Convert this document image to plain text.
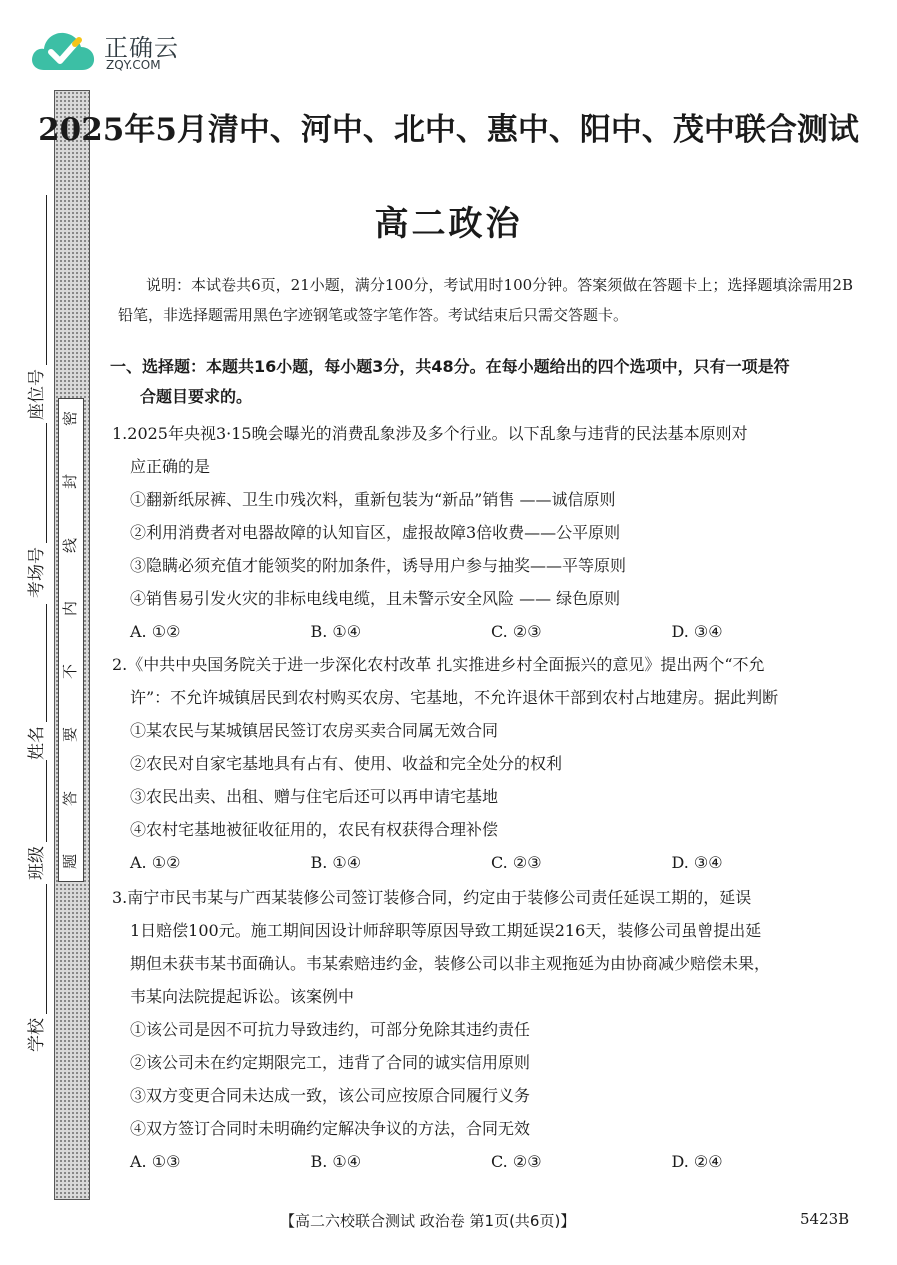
正确云
ZQY.COM
密
封
线
内
不
要
答
题
座位号
考场号
姓名
班级
学校
2025年5月清中、河中、北中、惠中、阳中、茂中联合测试
高二政治
说明：本试卷共6页，21小题，满分100分，考试用时100分钟。答案须做在答题卡上；选择题填涂需用2B铅笔，非选择题需用黑色字迹钢笔或签字笔作答。考试结束后只需交答题卡。
一、选择题：本题共16小题，每小题3分，共48分。在每小题给出的四个选项中，只有一项是符
合题目要求的。
1.2025年央视3·15晚会曝光的消费乱象涉及多个行业。以下乱象与违背的民法基本原则对
应正确的是
①翻新纸尿裤、卫生巾残次料，重新包装为“新品”销售 ——诚信原则
②利用消费者对电器故障的认知盲区，虚报故障3倍收费——公平原则
③隐瞒必须充值才能领奖的附加条件，诱导用户参与抽奖——平等原则
④销售易引发火灾的非标电线电缆，且未警示安全风险 —— 绿色原则
A. ①②	B. ①④	C. ②③	D. ③④
2.《中共中央国务院关于进一步深化农村改革 扎实推进乡村全面振兴的意见》提出两个“不允
许”：不允许城镇居民到农村购买农房、宅基地，不允许退休干部到农村占地建房。据此判断
①某农民与某城镇居民签订农房买卖合同属无效合同
②农民对自家宅基地具有占有、使用、收益和完全处分的权利
③农民出卖、出租、赠与住宅后还可以再申请宅基地
④农村宅基地被征收征用的，农民有权获得合理补偿
A. ①②	B. ①④	C. ②③	D. ③④
3.南宁市民韦某与广西某装修公司签订装修合同，约定由于装修公司责任延误工期的，延误
1日赔偿100元。施工期间因设计师辞职等原因导致工期延误216天，装修公司虽曾提出延
期但未获韦某书面确认。韦某索赔违约金，装修公司以非主观拖延为由协商减少赔偿未果，
韦某向法院提起诉讼。该案例中
①该公司是因不可抗力导致违约，可部分免除其违约责任
②该公司未在约定期限完工，违背了合同的诚实信用原则
③双方变更合同未达成一致，该公司应按原合同履行义务
④双方签订合同时未明确约定解决争议的方法，合同无效
A. ①③	B. ①④	C. ②③	D. ②④
【高二六校联合测试 政治卷 第1页(共6页)】	5423B
